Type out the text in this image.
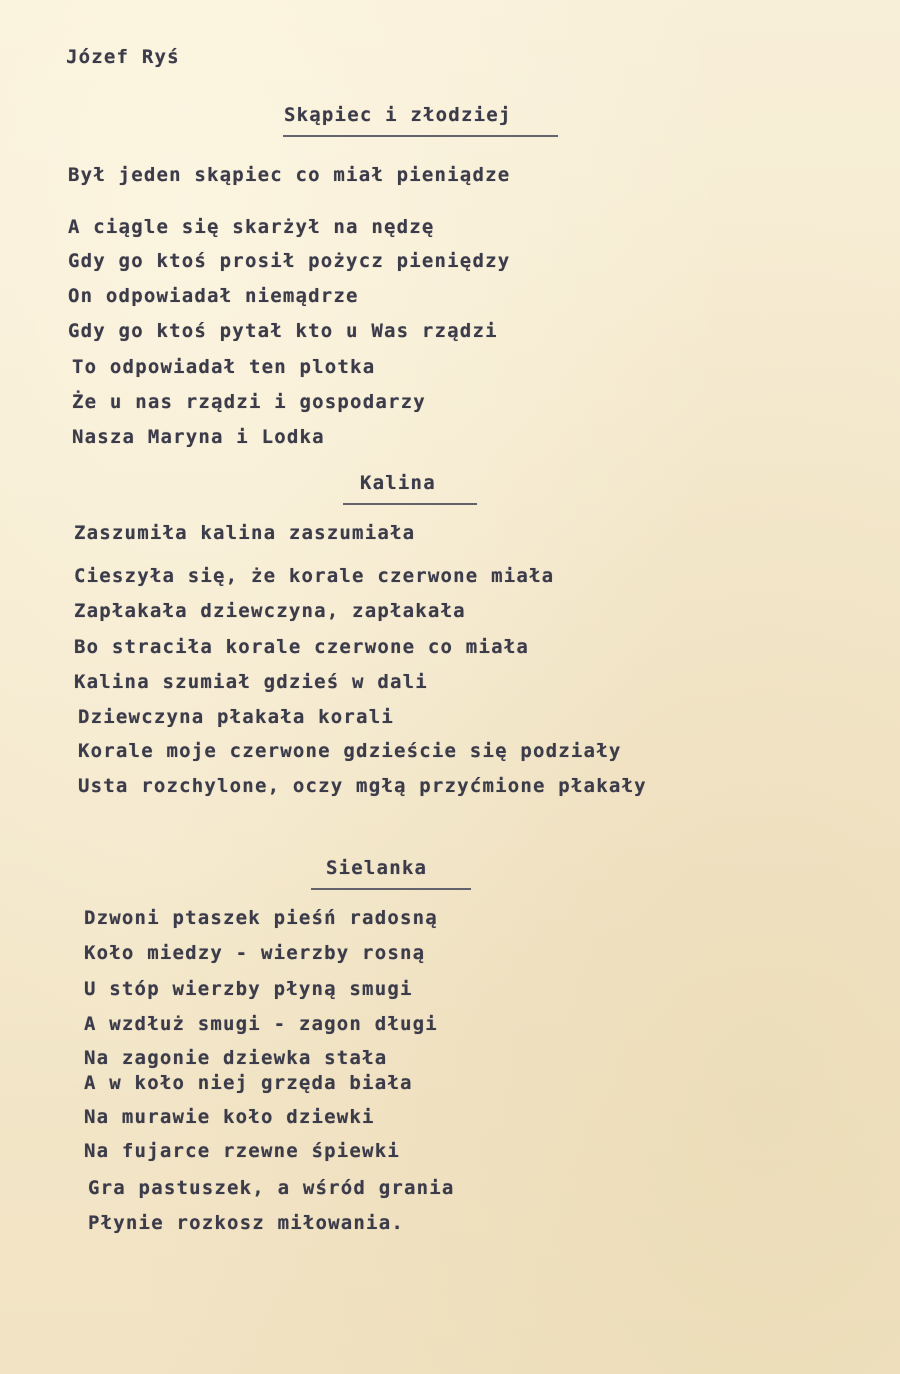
Józef Ryś
Skąpiec i złodziej
Był jeden skąpiec co miał pieniądze
A ciągle się skarżył na nędzę
Gdy go ktoś prosił pożycz pieniędzy
On odpowiadał niemądrze
Gdy go ktoś pytał kto u Was rządzi
To odpowiadał ten plotka
Że u nas rządzi i gospodarzy
Nasza Maryna i Lodka
Kalina
Zaszumiła kalina zaszumiała
Cieszyła się, że korale czerwone miała
Zapłakała dziewczyna, zapłakała
Bo straciła korale czerwone co miała
Kalina szumiał gdzieś w dali
Dziewczyna płakała korali
Korale moje czerwone gdzieście się podziały
Usta rozchylone, oczy mgłą przyćmione płakały
Sielanka
Dzwoni ptaszek pieśń radosną
Koło miedzy - wierzby rosną
U stóp wierzby płyną smugi
A wzdłuż smugi - zagon długi
Na zagonie dziewka stała
A w koło niej grzęda biała
Na murawie koło dziewki
Na fujarce rzewne śpiewki
Gra pastuszek, a wśród grania
Płynie rozkosz miłowania.
